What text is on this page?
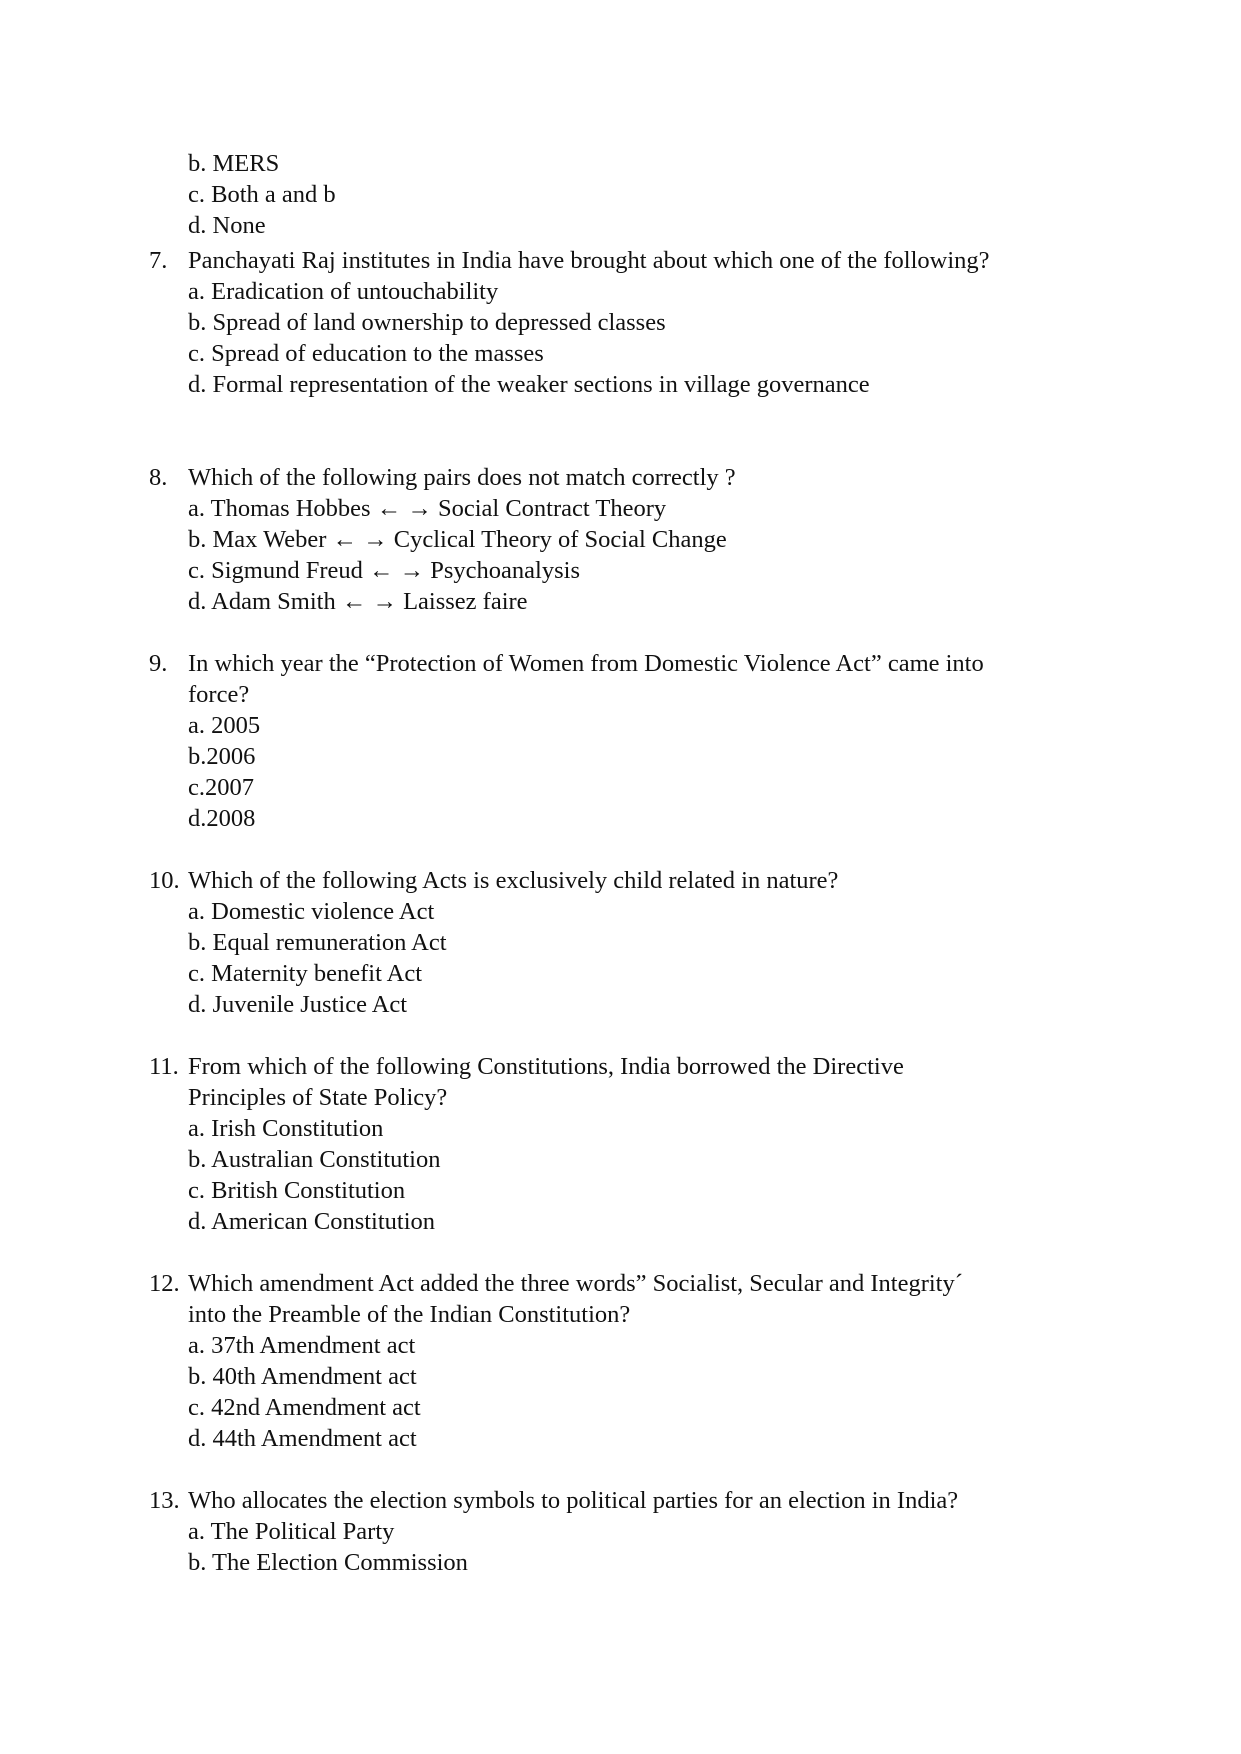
b. MERS
c. Both a and b
d. None
7. Panchayati Raj institutes in India have brought about which one of the following?
a. Eradication of untouchability
b. Spread of land ownership to depressed classes
c. Spread of education to the masses
d. Formal representation of the weaker sections in village governance
8. Which of the following pairs does not match correctly ?
a. Thomas Hobbes ← → Social Contract Theory
b. Max Weber ← → Cyclical Theory of Social Change
c. Sigmund Freud ← → Psychoanalysis
d. Adam Smith ← → Laissez faire
9. In which year the “Protection of Women from Domestic Violence Act” came into
force?
a. 2005
b.2006
c.2007
d.2008
10. Which of the following Acts is exclusively child related in nature?
a. Domestic violence Act
b. Equal remuneration Act
c. Maternity benefit Act
d. Juvenile Justice Act
11. From which of the following Constitutions, India borrowed the Directive
Principles of State Policy?
a. Irish Constitution
b. Australian Constitution
c. British Constitution
d. American Constitution
12. Which amendment Act added the three words” Socialist, Secular and Integrity´
into the Preamble of the Indian Constitution?
a. 37th Amendment act
b. 40th Amendment act
c. 42nd Amendment act
d. 44th Amendment act
13. Who allocates the election symbols to political parties for an election in India?
a. The Political Party
b. The Election Commission
